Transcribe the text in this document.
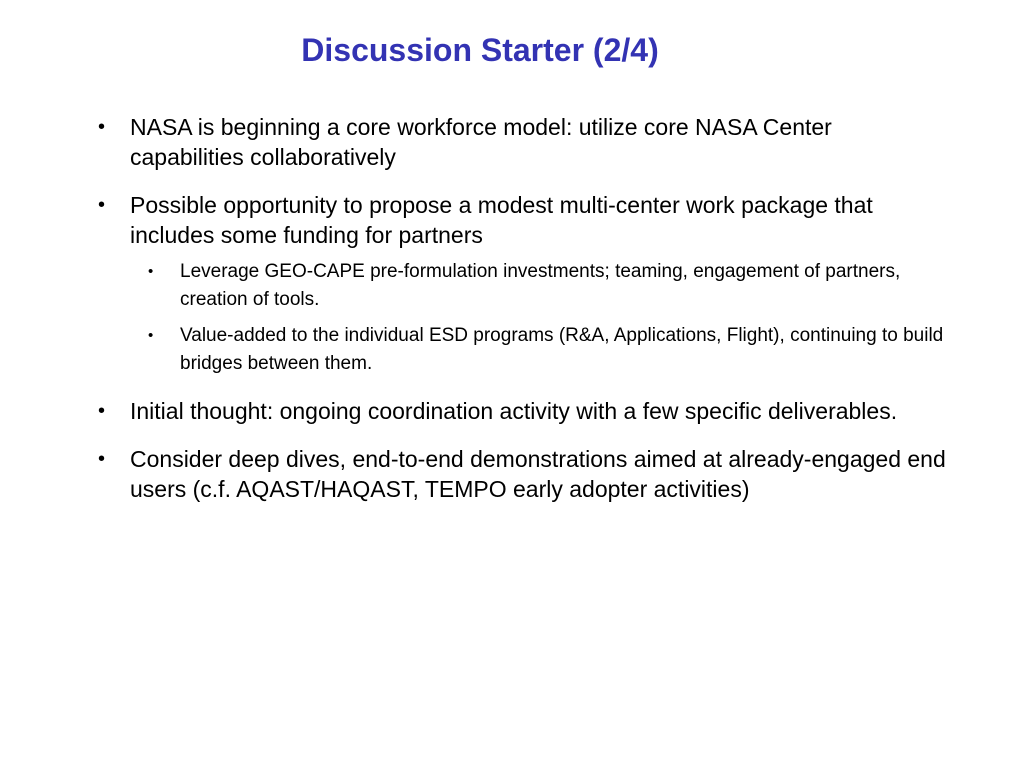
Discussion Starter (2/4)
•	NASA is beginning a core workforce model: utilize core NASA Center capabilities collaboratively
•	Possible opportunity to propose a modest multi-center work package that includes some funding for partners
• Leverage GEO-CAPE pre-formulation investments; teaming, engagement of partners, creation of tools.
• Value-added to the individual ESD programs (R&A, Applications, Flight), continuing to build bridges between them.
•	Initial thought: ongoing coordination activity with a few specific deliverables.
•	Consider deep dives, end-to-end demonstrations aimed at already-engaged end users (c.f. AQAST/HAQAST, TEMPO early adopter activities)
